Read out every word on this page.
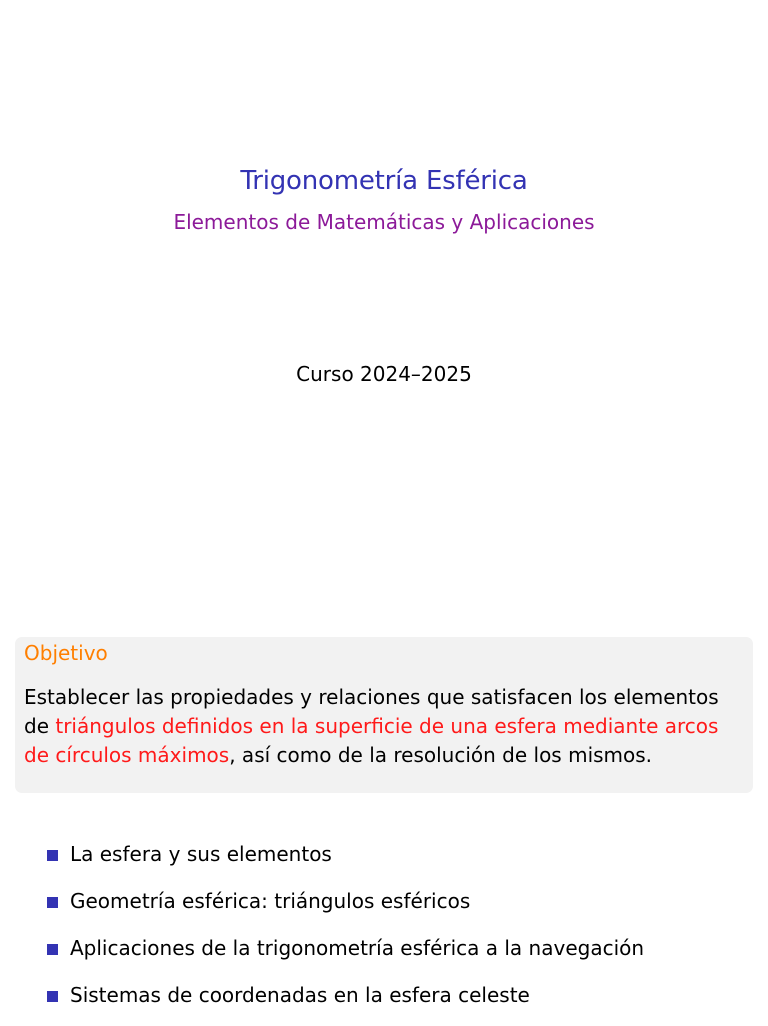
Trigonometría Esférica
Elementos de Matemáticas y Aplicaciones
Curso 2024–2025
Objetivo
Establecer las propiedades y relaciones que satisfacen los elementos de triángulos definidos en la superficie de una esfera mediante arcos de círculos máximos, así como de la resolución de los mismos.
La esfera y sus elementos
Geometría esférica: triángulos esféricos
Aplicaciones de la trigonometría esférica a la navegación
Sistemas de coordenadas en la esfera celeste
